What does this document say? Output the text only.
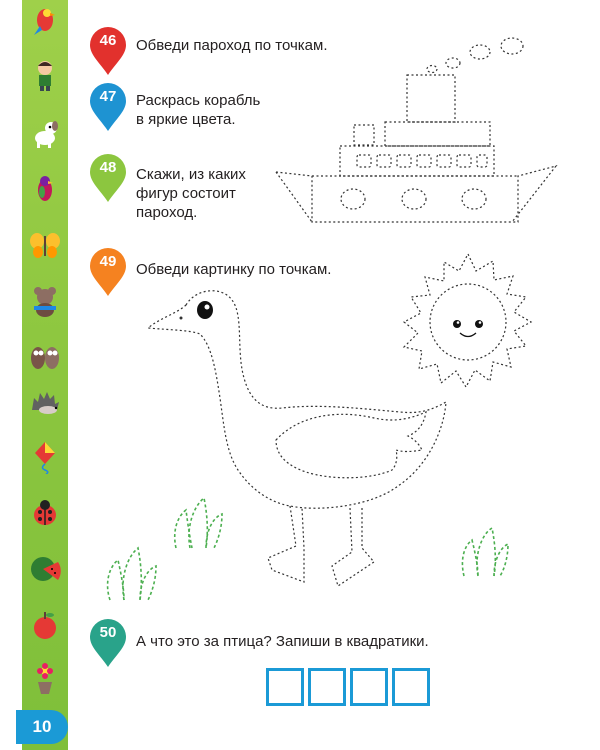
10
46	Обведи пароход по точкам.
47	Раскрась корабль
в яркие цвета.
48	Скажи, из каких
фигур состоит
пароход.
49	Обведи картинку по точкам.
50
А что это за птица? Запиши в квадратики.
